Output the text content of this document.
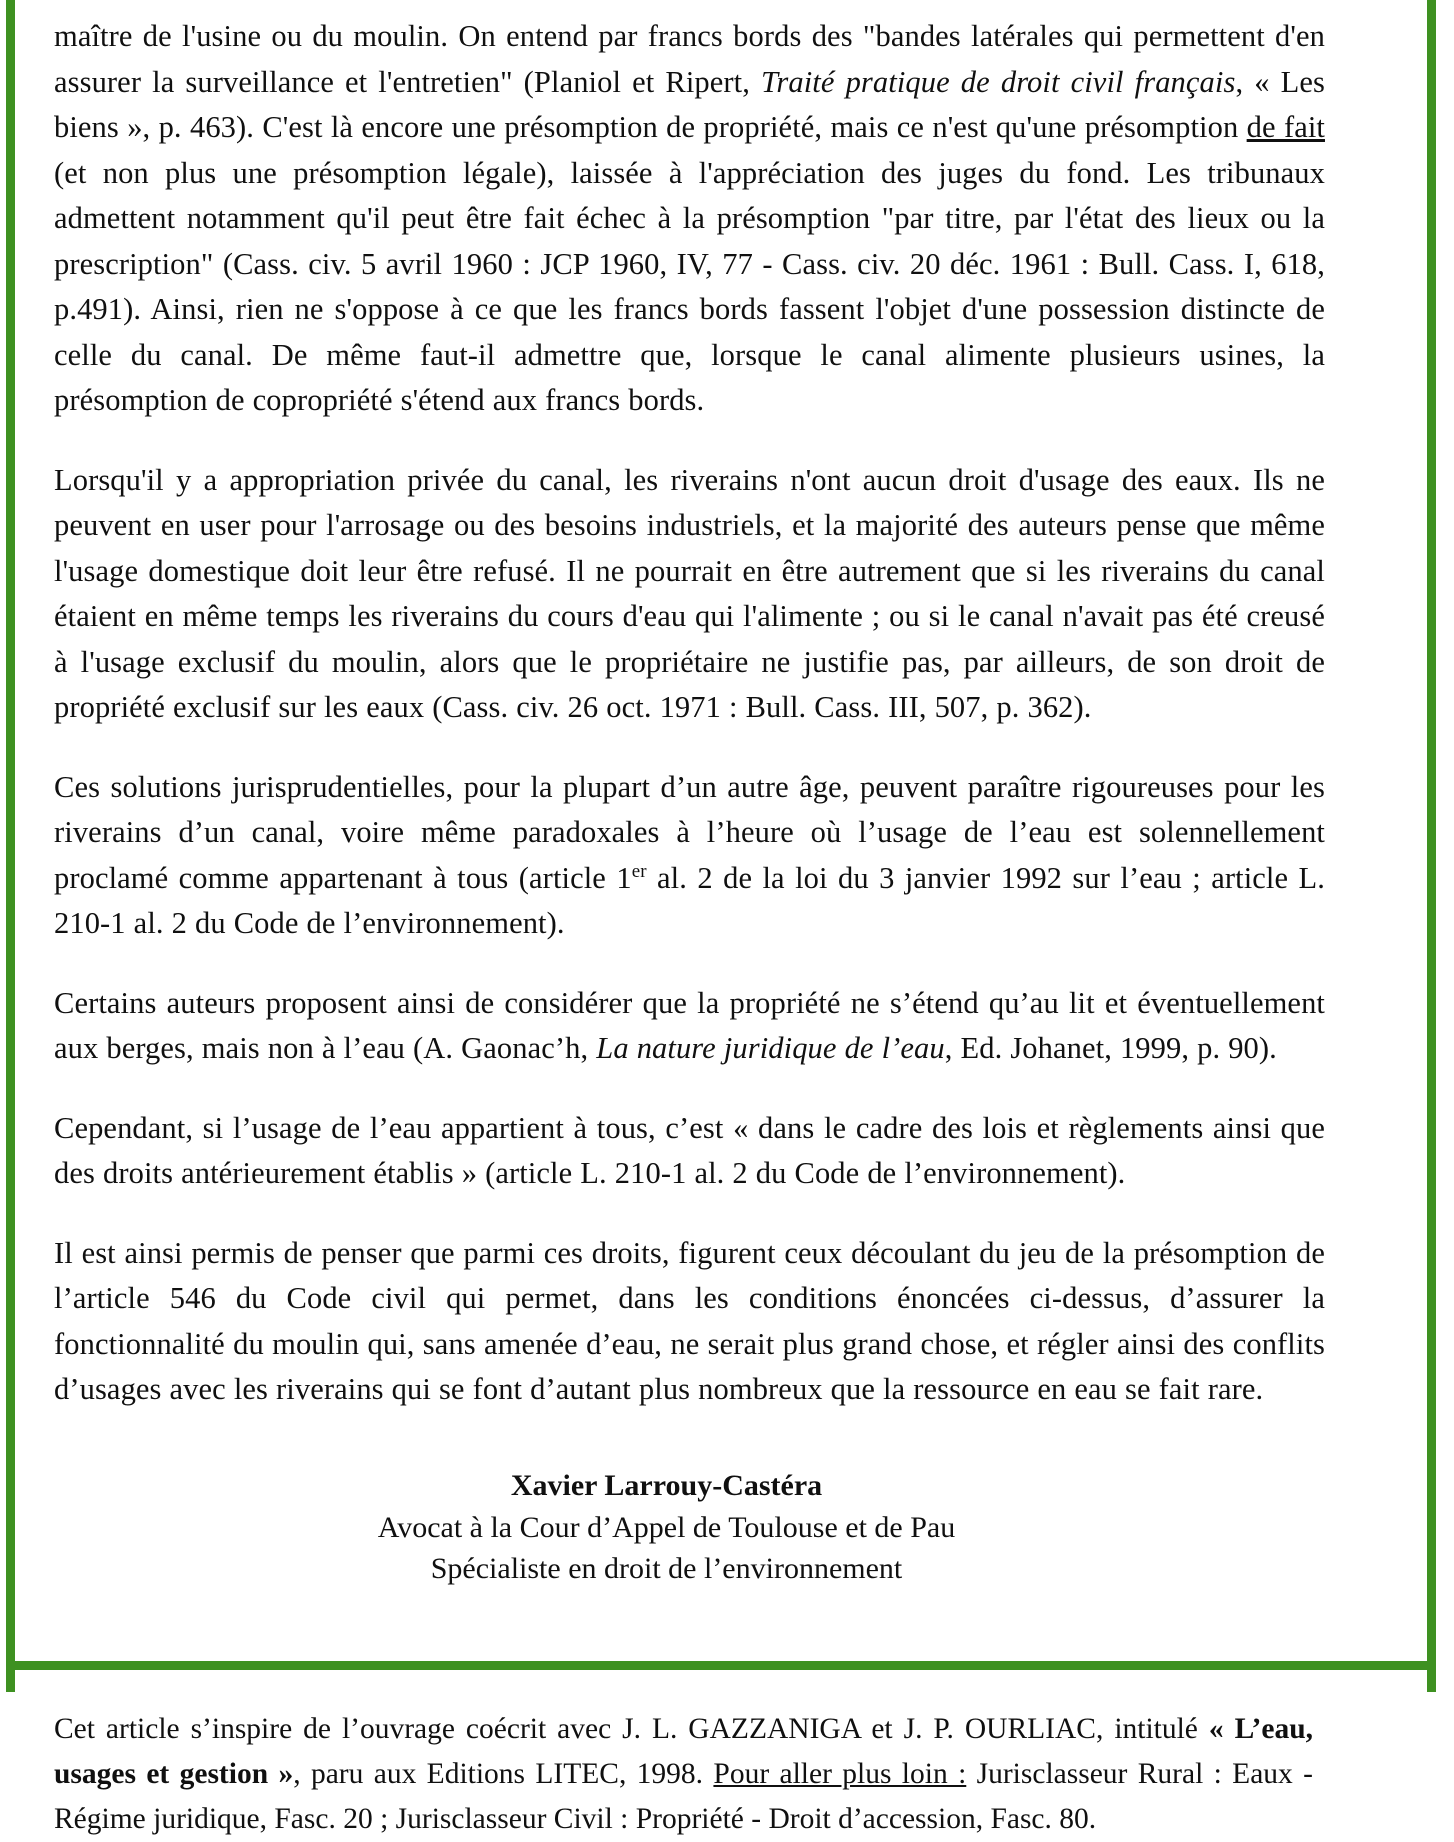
maître de l'usine ou du moulin. On entend par francs bords des "bandes latérales qui permettent d'en assurer la surveillance et l'entretien" (Planiol et Ripert, Traité pratique de droit civil français, « Les biens », p. 463). C'est là encore une présomption de propriété, mais ce n'est qu'une présomption de fait (et non plus une présomption légale), laissée à l'appréciation des juges du fond. Les tribunaux admettent notamment qu'il peut être fait échec à la présomption "par titre, par l'état des lieux ou la prescription" (Cass. civ. 5 avril 1960 : JCP 1960, IV, 77 - Cass. civ. 20 déc. 1961 : Bull. Cass. I, 618, p.491). Ainsi, rien ne s'oppose à ce que les francs bords fassent l'objet d'une possession distincte de celle du canal. De même faut-il admettre que, lorsque le canal alimente plusieurs usines, la présomption de copropriété s'étend aux francs bords.

Lorsqu'il y a appropriation privée du canal, les riverains n'ont aucun droit d'usage des eaux. Ils ne peuvent en user pour l'arrosage ou des besoins industriels, et la majorité des auteurs pense que même l'usage domestique doit leur être refusé. Il ne pourrait en être autrement que si les riverains du canal étaient en même temps les riverains du cours d'eau qui l'alimente ; ou si le canal n'avait pas été creusé à l'usage exclusif du moulin, alors que le propriétaire ne justifie pas, par ailleurs, de son droit de propriété exclusif sur les eaux (Cass. civ. 26 oct. 1971 : Bull. Cass. III, 507, p. 362).

Ces solutions jurisprudentielles, pour la plupart d’un autre âge, peuvent paraître rigoureuses pour les riverains d’un canal, voire même paradoxales à l’heure où l’usage de l’eau est solennellement proclamé comme appartenant à tous (article 1er al. 2 de la loi du 3 janvier 1992 sur l’eau ; article L. 210-1 al. 2 du Code de l’environnement).

Certains auteurs proposent ainsi de considérer que la propriété ne s’étend qu’au lit et éventuellement aux berges, mais non à l’eau (A. Gaonac’h, La nature juridique de l’eau, Ed. Johanet, 1999, p. 90).

Cependant, si l’usage de l’eau appartient à tous, c’est « dans le cadre des lois et règlements ainsi que des droits antérieurement établis » (article L. 210-1 al. 2 du Code de l’environnement).

Il est ainsi permis de penser que parmi ces droits, figurent ceux découlant du jeu de la présomption de l’article 546 du Code civil qui permet, dans les conditions énoncées ci-dessus, d’assurer la fonctionnalité du moulin qui, sans amenée d’eau, ne serait plus grand chose, et régler ainsi des conflits d’usages avec les riverains qui se font d’autant plus nombreux que la ressource en eau se fait rare.

Xavier Larrouy-Castéra

Avocat à la Cour d’Appel de Toulouse et de Pau

Spécialiste en droit de l’environnement

Cet article s’inspire de l’ouvrage coécrit avec J. L. GAZZANIGA et J. P. OURLIAC, intitulé « L’eau, usages et gestion », paru aux Editions LITEC, 1998. Pour aller plus loin : Jurisclasseur Rural : Eaux - Régime juridique, Fasc. 20 ; Jurisclasseur Civil : Propriété - Droit d’accession, Fasc. 80.
